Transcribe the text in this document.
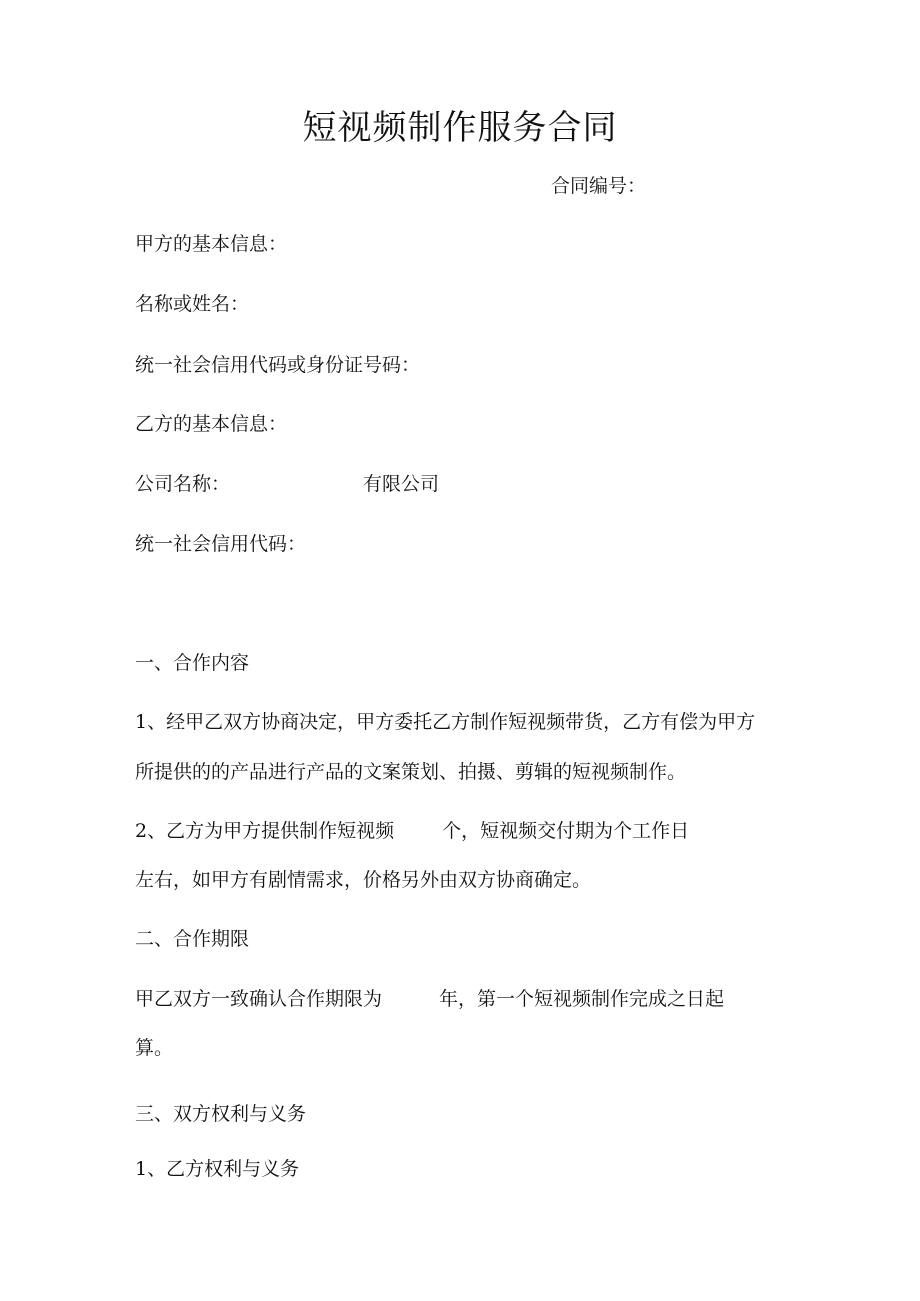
短视频制作服务合同
合同编号：
甲方的基本信息：
名称或姓名：
统一社会信用代码或身份证号码：
乙方的基本信息：
公司名称：	有限公司
统一社会信用代码：
一、合作内容
1、经甲乙双方协商决定，甲方委托乙方制作短视频带货，乙方有偿为甲方
所提供的的产品进行产品的文案策划、拍摄、剪辑的短视频制作。
2、乙方为甲方提供制作短视频	个，短视频交付期为个工作日
左右，如甲方有剧情需求，价格另外由双方协商确定。
二、合作期限
甲乙双方一致确认合作期限为	年，第一个短视频制作完成之日起
算。
三、双方权利与义务
1、乙方权利与义务
